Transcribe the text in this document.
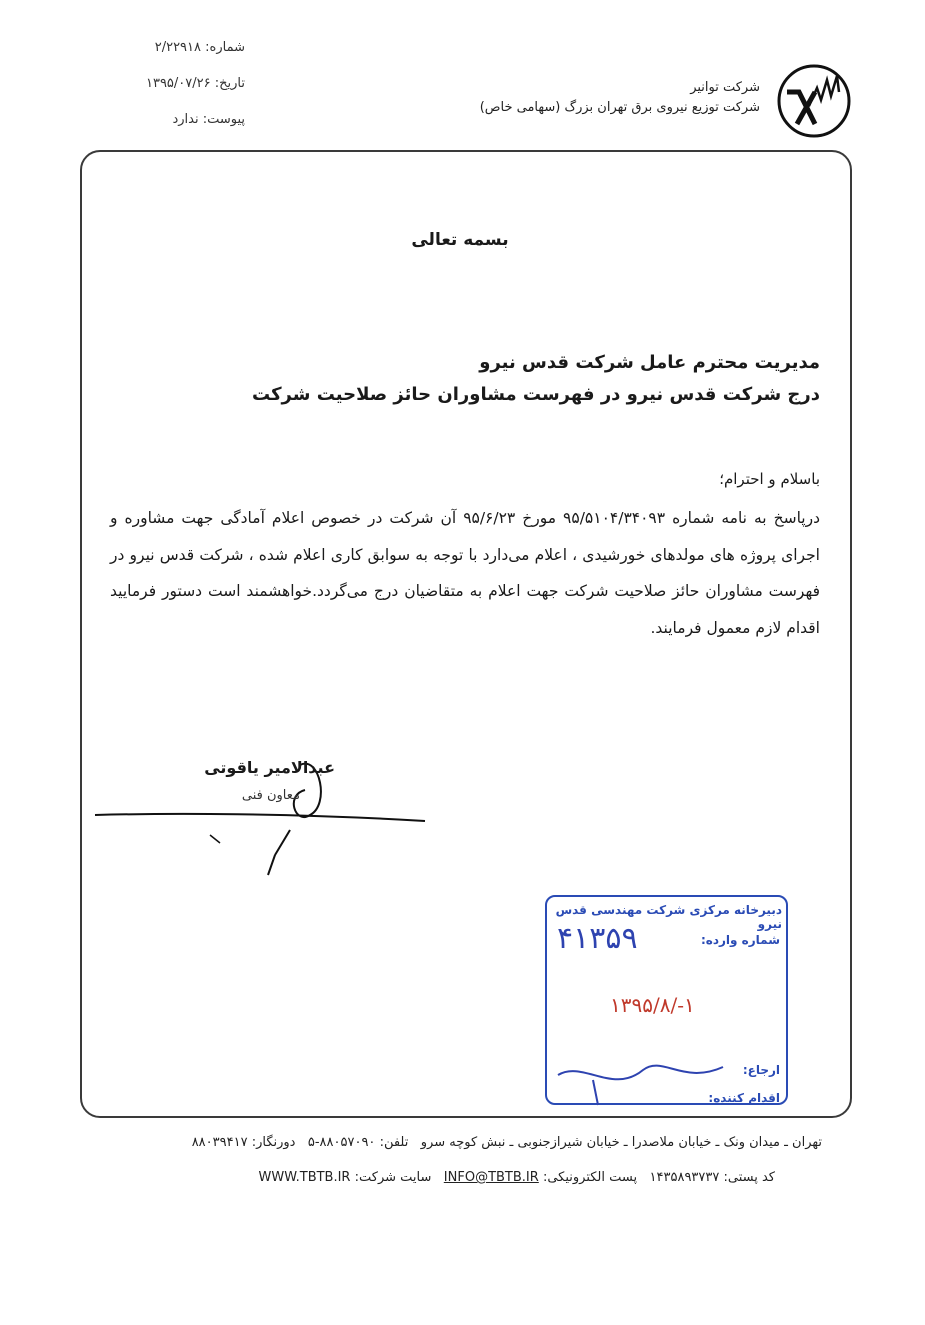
شماره: ۲/۲۲۹۱۸
تاریخ: ۱۳۹۵/۰۷/۲۶
پیوست: ندارد
شرکت توانیر
شرکت توزیع نیروی برق تهران بزرگ (سهامی خاص)
بسمه تعالی
مدیریت محترم عامل شرکت قدس نیرو
درج شرکت قدس نیرو در فهرست مشاوران حائز صلاحیت شرکت
باسلام و احترام؛
درپاسخ به نامه شماره ۹۵/۵۱۰۴/۳۴۰۹۳ مورخ ۹۵/۶/۲۳ آن شرکت در خصوص اعلام آمادگی جهت مشاوره و اجرای پروژه های مولدهای خورشیدی ، اعلام می‌دارد با توجه به سوابق کاری اعلام شده ، شرکت قدس نیرو در فهرست مشاوران حائز صلاحیت شرکت جهت اعلام به متقاضیان درج می‌گردد.خواهشمند است دستور فرمایید اقدام لازم معمول فرمایند.
عبدالامیر یاقوتی
معاون فنی
دبیرخانه مرکزی شرکت مهندسی قدس نیرو
شماره وارده:
۴۱۳۵۹
۱۳۹۵/۸/-۱
ارجاع:
اقدام کننده:
تهران ـ میدان ونک ـ خیابان ملاصدرا ـ خیابان شیرازجنوبی ـ نبش کوچه سرو   تلفن: ۵-۸۸۰۵۷۰۹۰   دورنگار: ۸۸۰۳۹۴۱۷
کد پستی: ۱۴۳۵۸۹۳۷۳۷   پست الکترونیکی: INFO@TBTB.IR   سایت شرکت: WWW.TBTB.IR
